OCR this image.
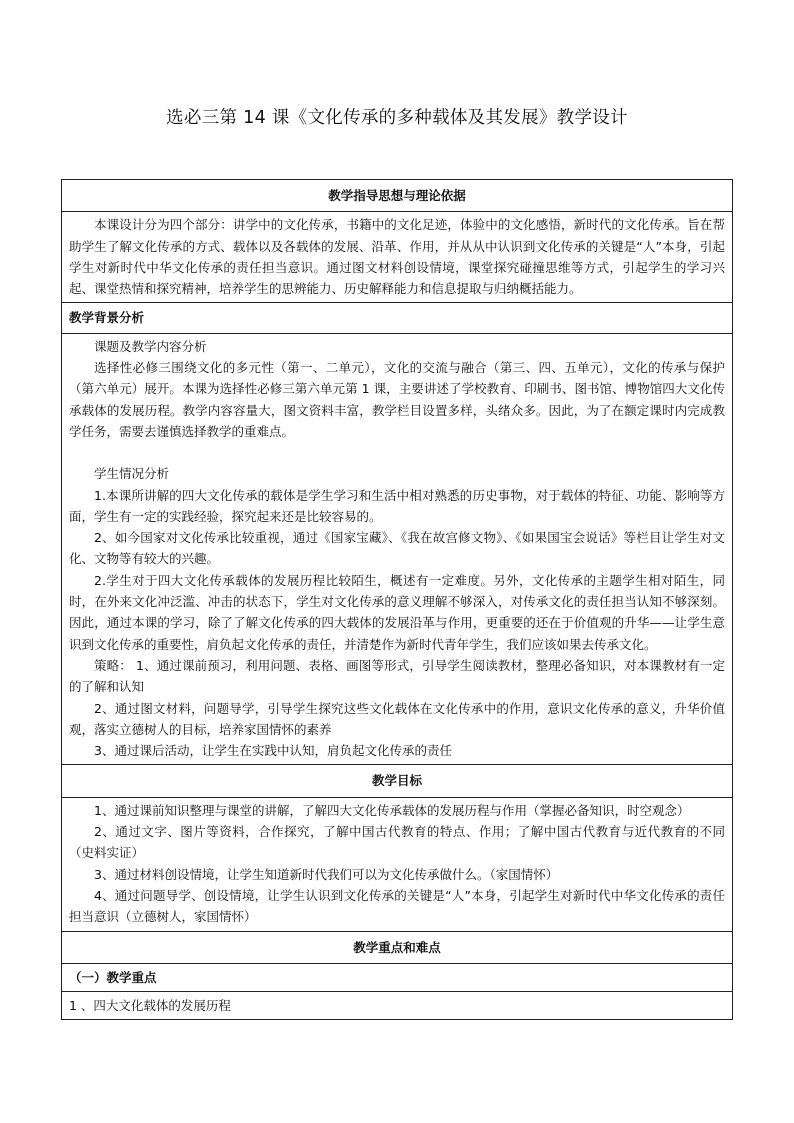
选必三第 14 课《文化传承的多种载体及其发展》教学设计
教学指导思想与理论依据

本课设计分为四个部分：讲学中的文化传承，书籍中的文化足迹，体验中的文化感悟，新时代的文化传承。旨在帮助学生了解文化传承的方式、载体以及各载体的发展、沿革、作用，并从从中认识到文化传承的关键是“人”本身，引起学生对新时代中华文化传承的责任担当意识。通过图文材料创设情境，课堂探究碰撞思维等方式，引起学生的学习兴起、课堂热情和探究精神，培养学生的思辨能力、历史解释能力和信息提取与归纳概括能力。

教学背景分析

课题及教学内容分析

选择性必修三围绕文化的多元性（第一、二单元），文化的交流与融合（第三、四、五单元），文化的传承与保护（第六单元）展开。本课为选择性必修三第六单元第 1 课，主要讲述了学校教育、印刷书、图书馆、博物馆四大文化传承载体的发展历程。教学内容容量大，图文资料丰富，教学栏目设置多样，头绪众多。因此，为了在额定课时内完成教学任务，需要去谨慎选择教学的重难点。

学生情况分析

1.本课所讲解的四大文化传承的载体是学生学习和生活中相对熟悉的历史事物，对于载体的特征、功能、影响等方面，学生有一定的实践经验，探究起来还是比较容易的。

2、如今国家对文化传承比较重视，通过《国家宝藏》、《我在故宫修文物》、《如果国宝会说话》等栏目让学生对文化、文物等有较大的兴趣。

2.学生对于四大文化传承载体的发展历程比较陌生，概述有一定难度。另外，文化传承的主题学生相对陌生，同时，在外来文化冲泛滥、冲击的状态下，学生对文化传承的意义理解不够深入，对传承文化的责任担当认知不够深刻。因此，通过本课的学习，除了了解文化传承的四大载体的发展沿革与作用，更重要的还在于价值观的升华——让学生意识到文化传承的重要性，肩负起文化传承的责任，并清楚作为新时代青年学生，我们应该如果去传承文化。

策略： 1、通过课前预习，利用问题、表格、画图等形式，引导学生阅读教材，整理必备知识，对本课教材有一定的了解和认知

2、通过图文材料，问题导学，引导学生探究这些文化载体在文化传承中的作用，意识文化传承的意义，升华价值观，落实立德树人的目标，培养家国情怀的素养

3、通过课后活动，让学生在实践中认知，肩负起文化传承的责任

教学目标

1、通过课前知识整理与课堂的讲解，了解四大文化传承载体的发展历程与作用（掌握必备知识，时空观念）

2、通过文字、图片等资料，合作探究，了解中国古代教育的特点、作用；了解中国古代教育与近代教育的不同（史料实证）

3、通过材料创设情境，让学生知道新时代我们可以为文化传承做什么。（家国情怀）

4、通过问题导学、创设情境，让学生认识到文化传承的关键是“人”本身，引起学生对新时代中华文化传承的责任担当意识（立德树人，家国情怀）

教学重点和难点
（一）教学重点
1 、四大文化载体的发展历程
